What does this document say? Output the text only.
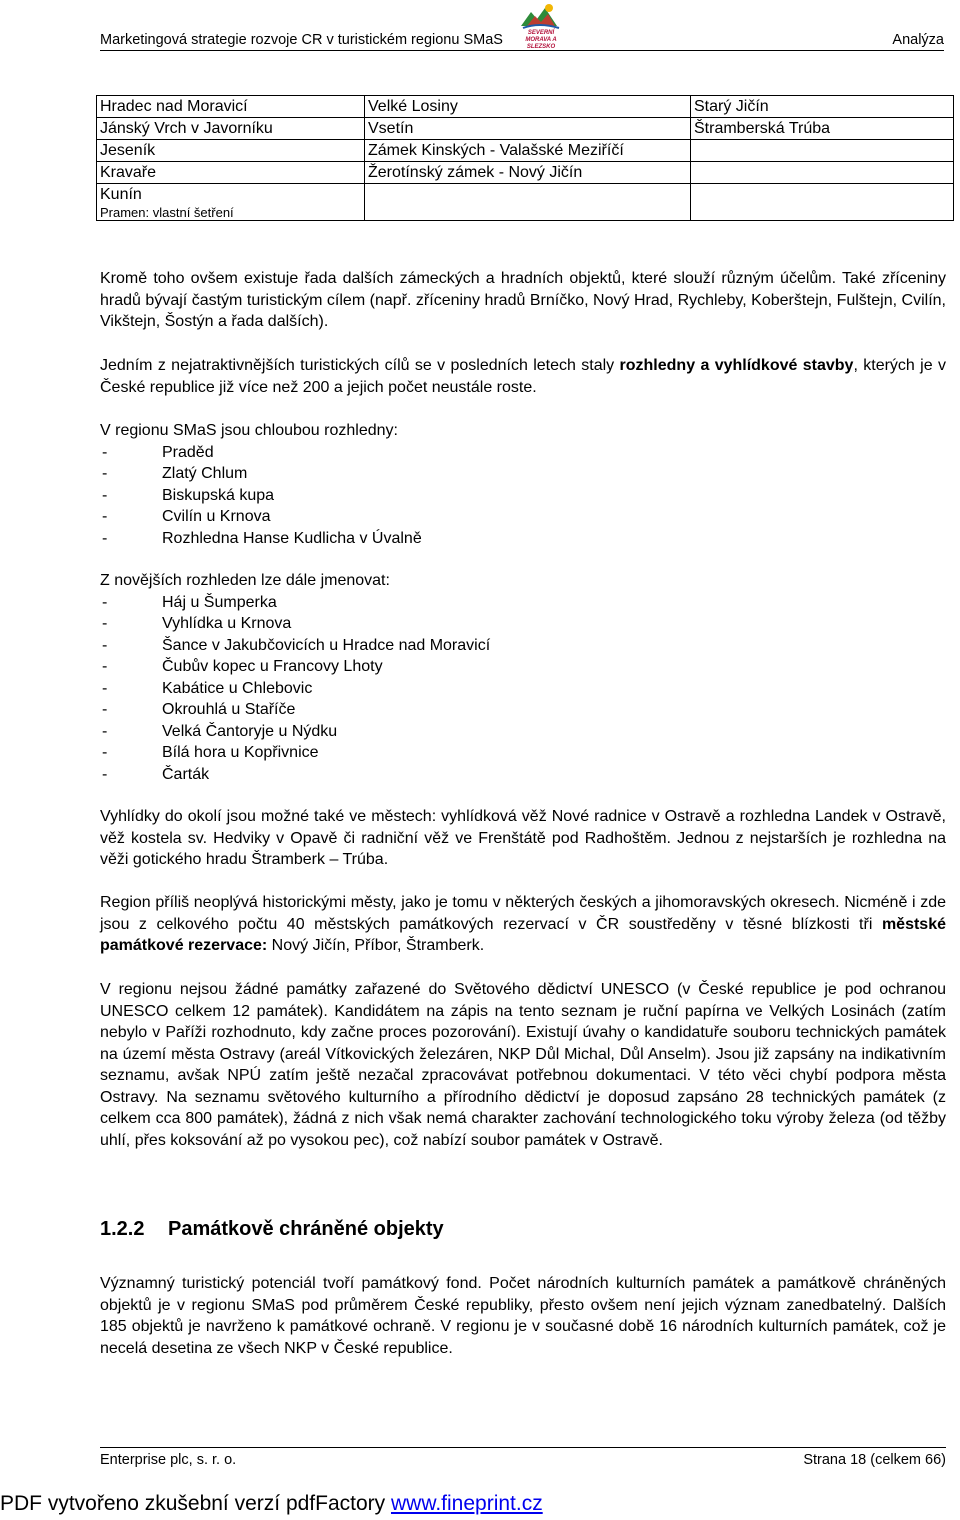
Marketingová strategie rozvoje CR v turistickém regionu SMaS	SEVERNÍ MORAVA A SLEZSKO	Analýza
Hradec nad Moravicí	Velké Losiny	Starý Jičín
Jánský Vrch v Javorníku	Vsetín	Štramberská Trúba
Jeseník	Zámek Kinských - Valašské Meziříčí	
Kravaře	Žerotínský zámek - Nový Jičín	
Kunín
Pramen: vlastní šetření		

Kromě toho ovšem existuje řada dalších zámeckých a hradních objektů, které slouží různým účelům. Také zříceniny hradů bývají častým turistickým cílem (např. zříceniny hradů Brníčko, Nový Hrad, Rychleby, Koberštejn, Fulštejn, Cvilín, Vikštejn, Šostýn a řada dalších).
Jedním z nejatraktivnějších turistických cílů se v posledních letech staly rozhledny a vyhlídkové stavby, kterých je v České republice již více než 200 a jejich počet neustále roste.
V regionu SMaS jsou chloubou rozhledny:
-	Praděd
-	Zlatý Chlum
-	Biskupská kupa
-	Cvilín u Krnova
-	Rozhledna Hanse Kudlicha v Úvalně
Z novějších rozhleden lze dále jmenovat:
-	Háj u Šumperka
-	Vyhlídka u Krnova
-	Šance v Jakubčovicích u Hradce nad Moravicí
-	Čubův kopec u Francovy Lhoty
-	Kabátice u Chlebovic
-	Okrouhlá u Staříče
-	Velká Čantoryje u Nýdku
-	Bílá hora u Kopřivnice
-	Čarták
Vyhlídky do okolí jsou možné také ve městech: vyhlídková věž Nové radnice v Ostravě a rozhledna Landek v Ostravě, věž kostela sv. Hedviky v Opavě či radniční věž ve Frenštátě pod Radhoštěm. Jednou z nejstarších je rozhledna na věži gotického hradu Štramberk – Trúba.
Region příliš neoplývá historickými městy, jako je tomu v některých českých a jihomoravských okresech. Nicméně i zde jsou z celkového počtu 40 městských památkových rezervací v ČR soustředěny v těsné blízkosti tři městské památkové rezervace: Nový Jičín, Příbor, Štramberk.
V regionu nejsou žádné památky zařazené do Světového dědictví UNESCO (v České republice je pod ochranou UNESCO celkem 12 památek). Kandidátem na zápis na tento seznam je ruční papírna ve Velkých Losinách (zatím nebylo v Paříži rozhodnuto, kdy začne proces pozorování). Existují úvahy o kandidatuře souboru technických památek na území města Ostravy (areál Vítkovických železáren, NKP Důl Michal, Důl Anselm). Jsou již zapsány na indikativním seznamu, avšak NPÚ zatím ještě nezačal zpracovávat potřebnou dokumentaci. V této věci chybí podpora města Ostravy. Na seznamu světového kulturního a přírodního dědictví je doposud zapsáno 28 technických památek (z celkem cca 800 památek), žádná z nich však nemá charakter zachování technologického toku výroby železa (od těžby uhlí, přes koksování až po vysokou pec), což nabízí soubor památek v Ostravě.
1.2.2 Památkově chráněné objekty
Významný turistický potenciál tvoří památkový fond. Počet národních kulturních památek a památkově chráněných objektů je v regionu SMaS pod průměrem České republiky, přesto ovšem není jejich význam zanedbatelný. Dalších 185 objektů je navrženo k památkové ochraně. V regionu je v současné době 16 národních kulturních památek, což je necelá desetina ze všech NKP v České republice.
Enterprise plc, s. r. o.	Strana 18 (celkem 66)
PDF vytvořeno zkušební verzí pdfFactory www.fineprint.cz
